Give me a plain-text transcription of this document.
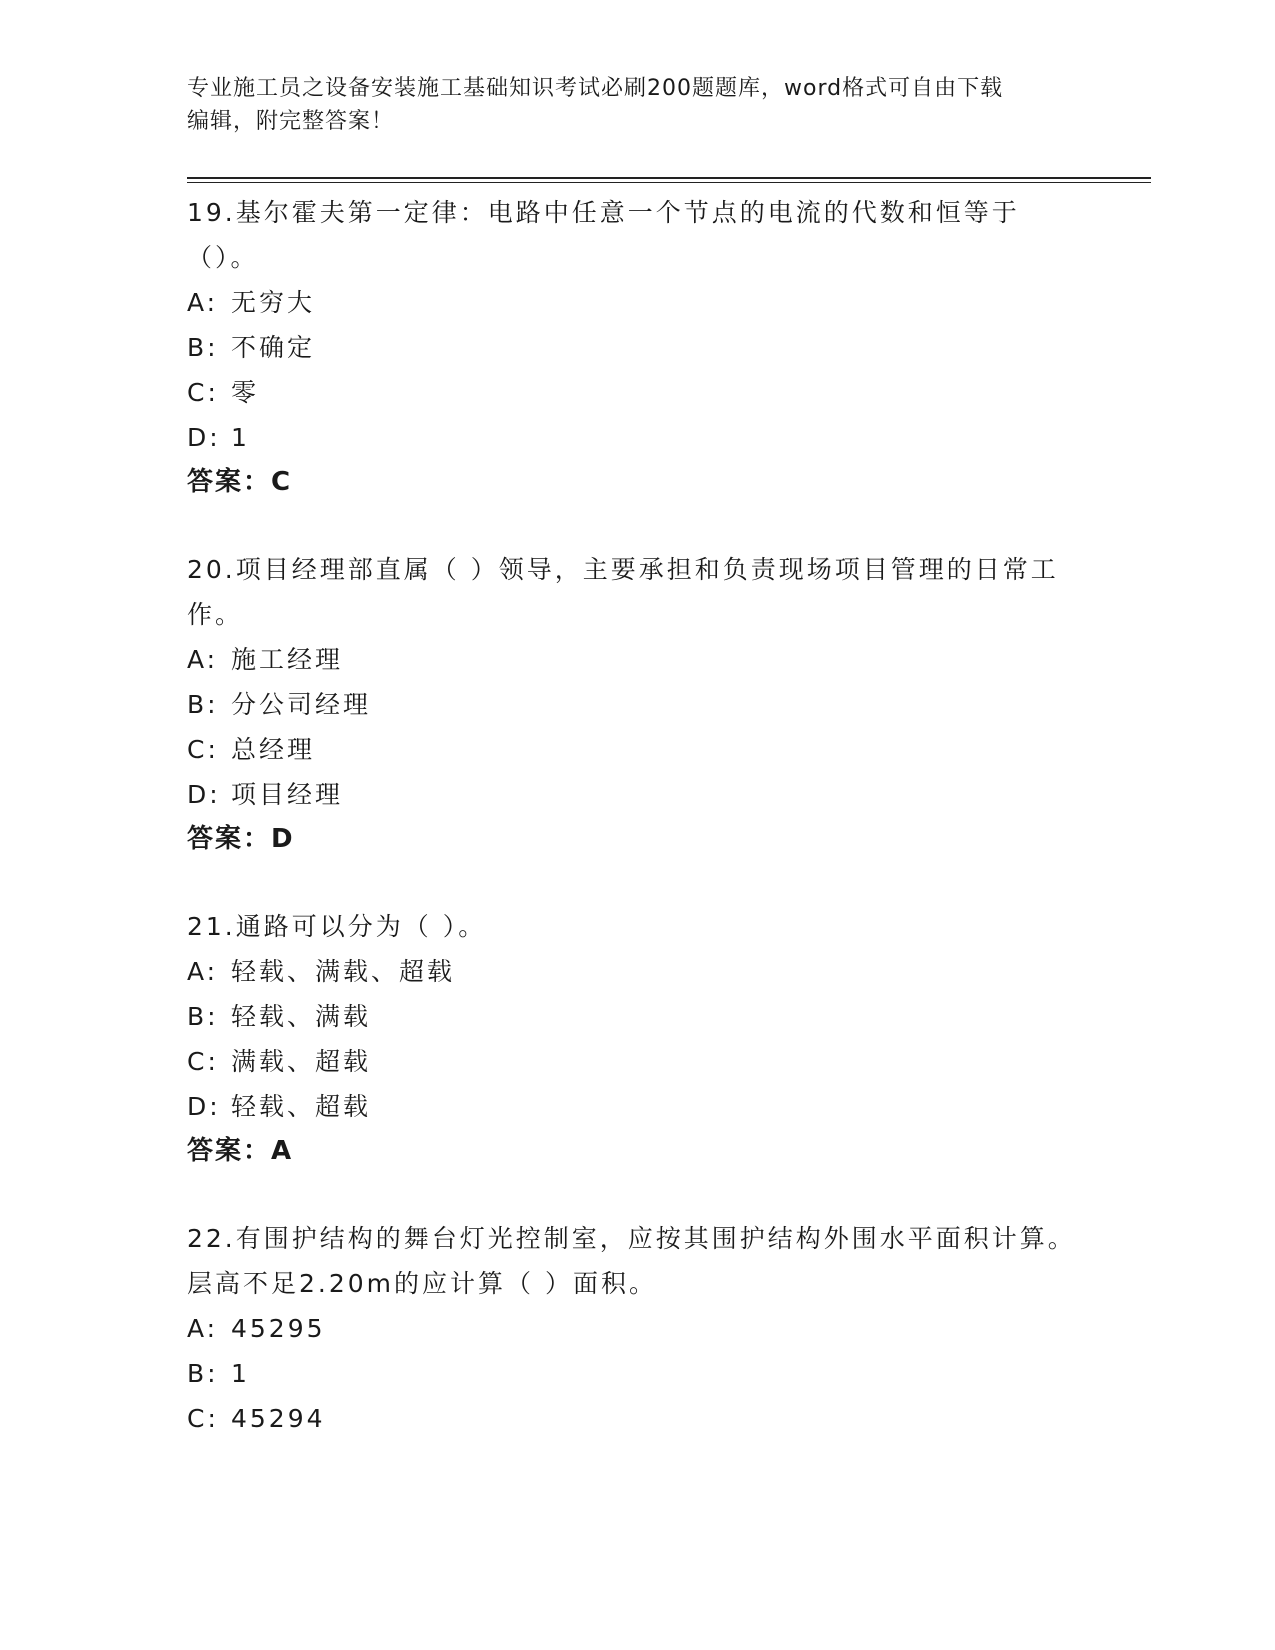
专业施工员之设备安装施工基础知识考试必刷200题题库，word格式可自由下载
编辑，附完整答案！
19.基尔霍夫第一定律：电路中任意一个节点的电流的代数和恒等于（）。
A: 无穷大
B: 不确定
C: 零
D: 1
答案：C
20.项目经理部直属（ ）领导，主要承担和负责现场项目管理的日常工作。
A: 施工经理
B: 分公司经理
C: 总经理
D: 项目经理
答案：D
21.通路可以分为（ ）。
A: 轻载、满载、超载
B: 轻载、满载
C: 满载、超载
D: 轻载、超载
答案：A
22.有围护结构的舞台灯光控制室，应按其围护结构外围水平面积计算。层高不足2.20m的应计算（ ）面积。
A: 45295
B: 1
C: 45294
